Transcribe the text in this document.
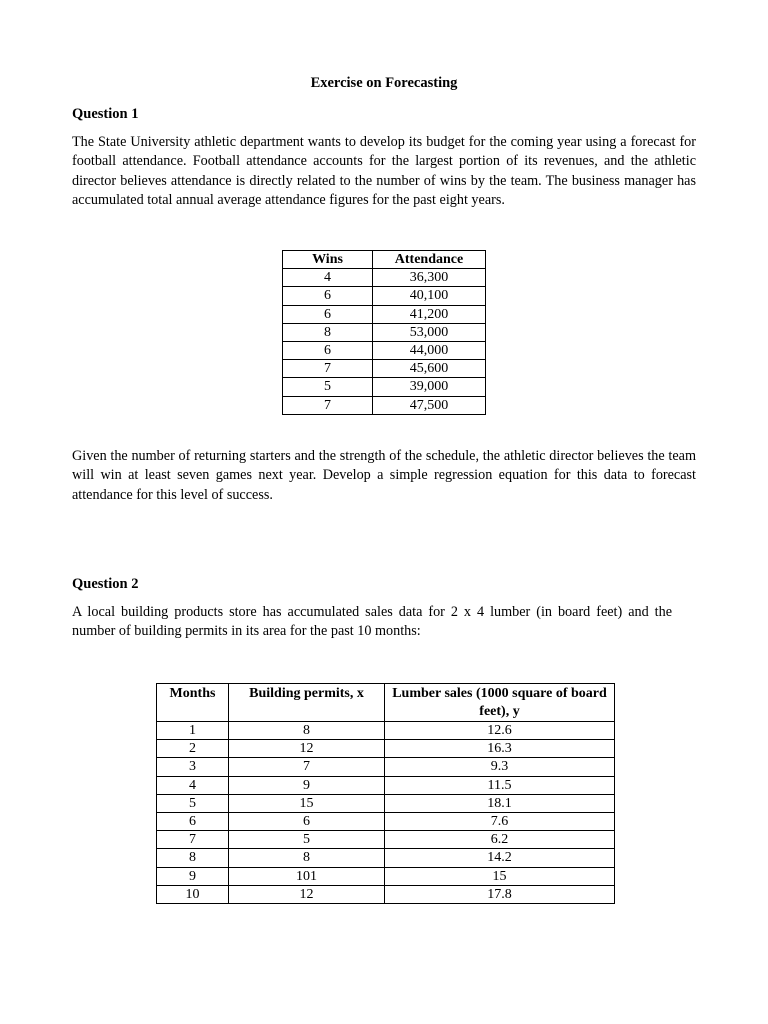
Exercise on Forecasting
Question 1
The State University athletic department wants to develop its budget for the coming year using a forecast for football attendance. Football attendance accounts for the largest portion of its revenues, and the athletic director believes attendance is directly related to the number of wins by the team. The business manager has accumulated total annual average attendance figures for the past eight years.
Wins	Attendance
4	36,300
6	40,100
6	41,200
8	53,000
6	44,000
7	45,600
5	39,000
7	47,500
Given the number of returning starters and the strength of the schedule, the athletic director believes the team will win at least seven games next year. Develop a simple regression equation for this data to forecast attendance for this level of success.
Question 2
A local building products store has accumulated sales data for 2 x 4 lumber (in board feet) and the number of building permits in its area for the past 10 months:
Months	Building permits, x	Lumber sales (1000 square of board feet), y
1	8	12.6
2	12	16.3
3	7	9.3
4	9	11.5
5	15	18.1
6	6	7.6
7	5	6.2
8	8	14.2
9	101	15
10	12	17.8
